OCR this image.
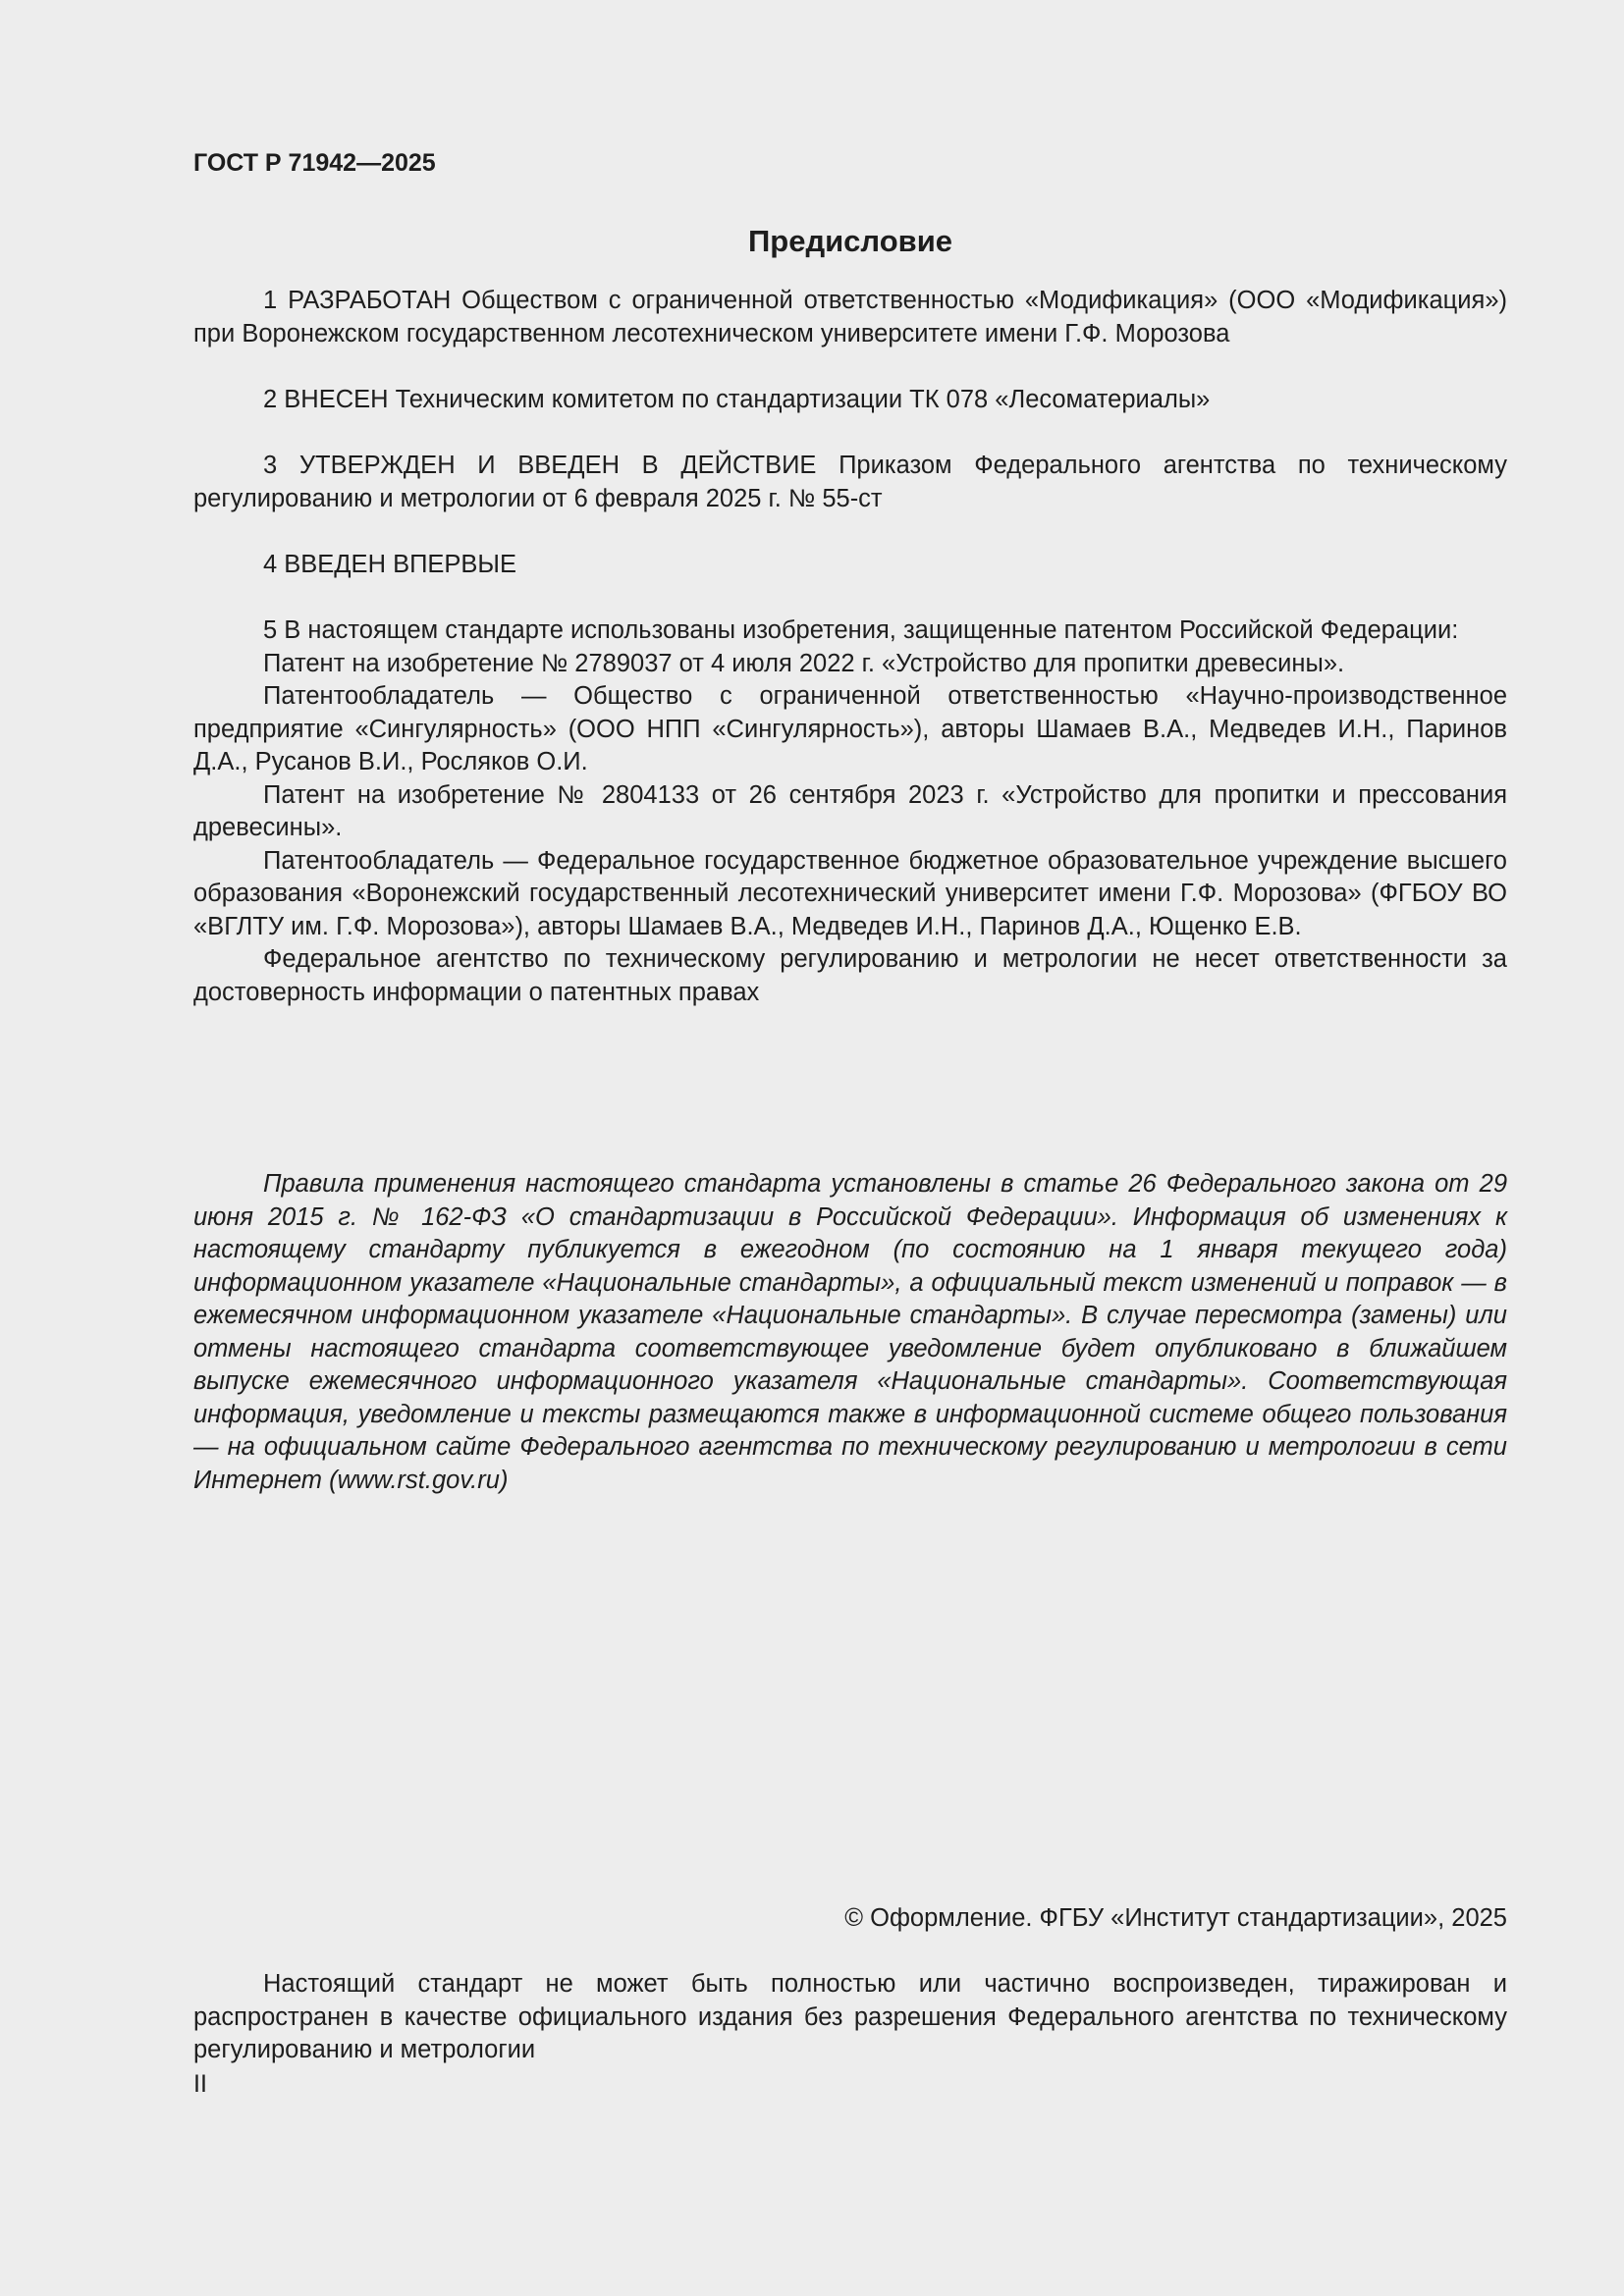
ГОСТ Р 71942—2025
Предисловие

1 РАЗРАБОТАН Обществом с ограниченной ответственностью «Модификация» (ООО «Модификация») при Воронежском государственном лесотехническом университете имени Г.Ф. Морозова

2 ВНЕСЕН Техническим комитетом по стандартизации ТК 078 «Лесоматериалы»

3 УТВЕРЖДЕН И ВВЕДЕН В ДЕЙСТВИЕ Приказом Федерального агентства по техническому регулированию и метрологии от 6 февраля 2025 г. № 55-ст

4 ВВЕДЕН ВПЕРВЫЕ

5 В настоящем стандарте использованы изобретения, защищенные патентом Российской Федерации:

Патент на изобретение № 2789037 от 4 июля 2022 г. «Устройство для пропитки древесины».

Патентообладатель — Общество с ограниченной ответственностью «Научно-производственное предприятие «Сингулярность» (ООО НПП «Сингулярность»), авторы Шамаев В.А., Медведев И.Н., Паринов Д.А., Русанов В.И., Росляков О.И.

Патент на изобретение № 2804133 от 26 сентября 2023 г. «Устройство для пропитки и прессования древесины».

Патентообладатель — Федеральное государственное бюджетное образовательное учреждение высшего образования «Воронежский государственный лесотехнический университет имени Г.Ф. Морозова» (ФГБОУ ВО «ВГЛТУ им. Г.Ф. Морозова»), авторы Шамаев В.А., Медведев И.Н., Паринов Д.А., Ющенко Е.В.

Федеральное агентство по техническому регулированию и метрологии не несет ответственности за достоверность информации о патентных правах

Правила применения настоящего стандарта установлены в статье 26 Федерального закона от 29 июня 2015 г. № 162-ФЗ «О стандартизации в Российской Федерации». Информация об изменениях к настоящему стандарту публикуется в ежегодном (по состоянию на 1 января текущего года) информационном указателе «Национальные стандарты», а официальный текст изменений и поправок — в ежемесячном информационном указателе «Национальные стандарты». В случае пересмотра (замены) или отмены настоящего стандарта соответствующее уведомление будет опубликовано в ближайшем выпуске ежемесячного информационного указателя «Национальные стандарты». Соответствующая информация, уведомление и тексты размещаются также в информационной системе общего пользования — на официальном сайте Федерального агентства по техническому регулированию и метрологии в сети Интернет (www.rst.gov.ru)

© Оформление. ФГБУ «Институт стандартизации», 2025

Настоящий стандарт не может быть полностью или частично воспроизведен, тиражирован и распространен в качестве официального издания без разрешения Федерального агентства по техническому регулированию и метрологии

II
